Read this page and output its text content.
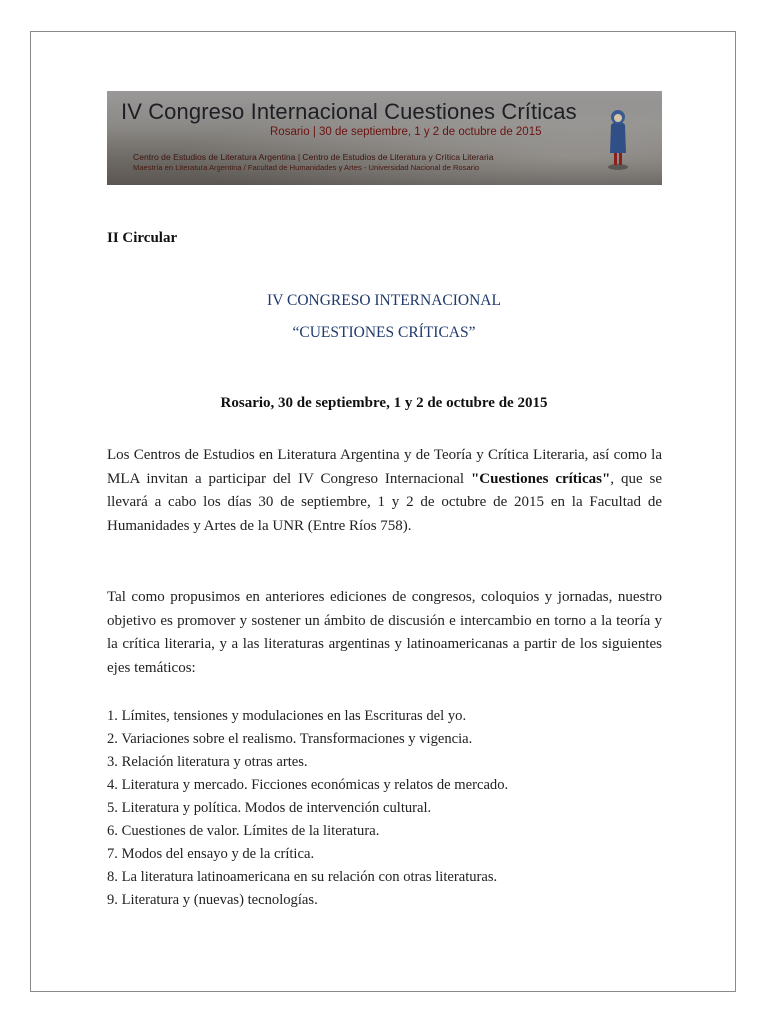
IV Congreso Internacional Cuestiones Críticas
Rosario | 30 de septiembre, 1 y 2 de octubre de 2015
Centro de Estudios de Literatura Argentina | Centro de Estudios de Literatura y Crítica Literaria
Maestría en Literatura Argentina / Facultad de Humanidades y Artes - Universidad Nacional de Rosario
II Circular
IV CONGRESO INTERNACIONAL
“CUESTIONES CRÍTICAS”
Rosario, 30 de septiembre, 1 y 2 de octubre de 2015
Los Centros de Estudios en Literatura Argentina y de Teoría y Crítica Literaria, así como la MLA invitan a participar del IV Congreso Internacional "Cuestiones críticas", que se llevará a cabo los días 30 de septiembre, 1 y 2 de octubre de 2015 en la Facultad de Humanidades y Artes de la UNR (Entre Ríos 758).
Tal como propusimos en anteriores ediciones de congresos, coloquios y jornadas, nuestro objetivo es promover y sostener un ámbito de discusión e intercambio en torno a la teoría y la crítica literaria, y a las literaturas argentinas y latinoamericanas a partir de los siguientes ejes temáticos:
1. Límites, tensiones y modulaciones en las Escrituras del yo.
2. Variaciones sobre el realismo. Transformaciones y vigencia.
3. Relación literatura y otras artes.
4. Literatura y mercado. Ficciones económicas y relatos de mercado.
5. Literatura y política. Modos de intervención cultural.
6. Cuestiones de valor. Límites de la literatura.
7. Modos del ensayo y de la crítica.
8. La literatura latinoamericana en su relación con otras literaturas.
9. Literatura y (nuevas) tecnologías.
